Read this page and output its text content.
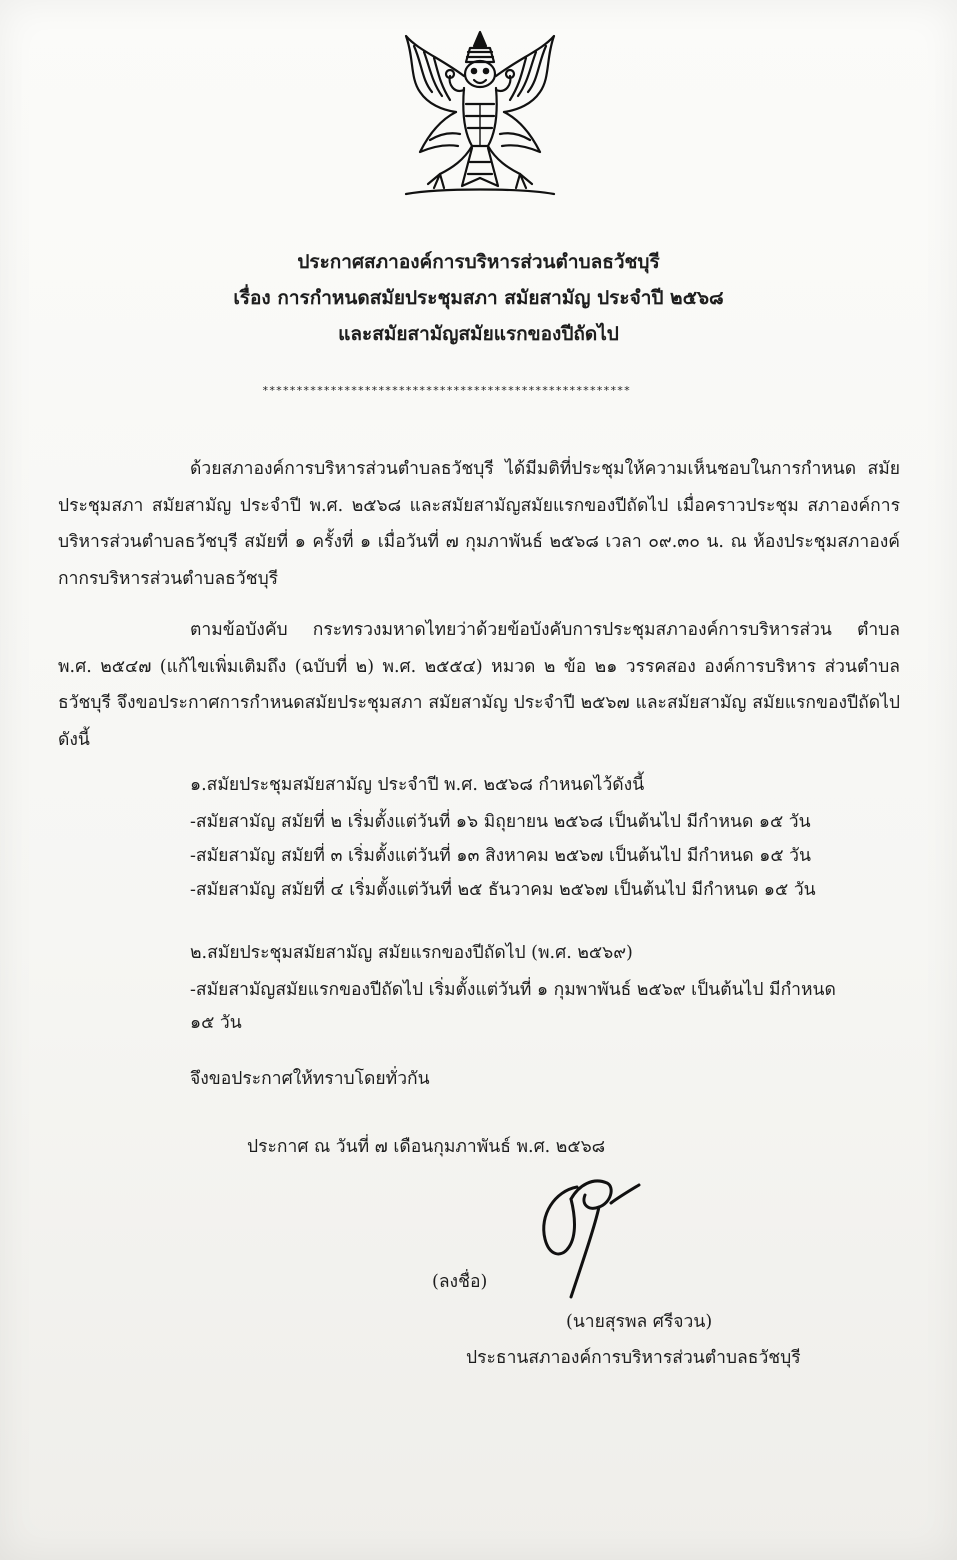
ประกาศสภาองค์การบริหารส่วนตำบลธวัชบุรี
เรื่อง การกำหนดสมัยประชุมสภา สมัยสามัญ ประจำปี ๒๕๖๘
และสมัยสามัญสมัยแรกของปีถัดไป
******************************************************
ด้วยสภาองค์การบริหารส่วนตำบลธวัชบุรี ได้มีมติที่ประชุมให้ความเห็นชอบในการกำหนด สมัยประชุมสภา สมัยสามัญ ประจำปี พ.ศ. ๒๕๖๘ และสมัยสามัญสมัยแรกของปีถัดไป เมื่อคราวประชุม สภาองค์การบริหารส่วนตำบลธวัชบุรี สมัยที่ ๑ ครั้งที่ ๑ เมื่อวันที่ ๗ กุมภาพันธ์ ๒๕๖๘ เวลา ๐๙.๓๐ น. ณ ห้องประชุมสภาองค์กากรบริหารส่วนตำบลธวัชบุรี
ตามข้อบังคับ กระทรวงมหาดไทยว่าด้วยข้อบังคับการประชุมสภาองค์การบริหารส่วน ตำบล พ.ศ. ๒๕๔๗ (แก้ไขเพิ่มเติมถึง (ฉบับที่ ๒) พ.ศ. ๒๕๕๔) หมวด ๒ ข้อ ๒๑ วรรคสอง องค์การบริหาร ส่วนตำบลธวัชบุรี จึงขอประกาศการกำหนดสมัยประชุมสภา สมัยสามัญ ประจำปี ๒๕๖๗ และสมัยสามัญ สมัยแรกของปีถัดไป ดังนี้
๑.สมัยประชุมสมัยสามัญ ประจำปี พ.ศ. ๒๕๖๘ กำหนดไว้ดังนี้
-สมัยสามัญ สมัยที่ ๒ เริ่มตั้งแต่วันที่ ๑๖ มิถุยายน ๒๕๖๘ เป็นต้นไป มีกำหนด ๑๕ วัน
-สมัยสามัญ สมัยที่ ๓ เริ่มตั้งแต่วันที่ ๑๓ สิงหาคม ๒๕๖๗ เป็นต้นไป มีกำหนด ๑๕ วัน
-สมัยสามัญ สมัยที่ ๔ เริ่มตั้งแต่วันที่ ๒๕ ธันวาคม ๒๕๖๗ เป็นต้นไป มีกำหนด ๑๕ วัน
๒.สมัยประชุมสมัยสามัญ สมัยแรกของปีถัดไป (พ.ศ. ๒๕๖๙)
-สมัยสามัญสมัยแรกของปีถัดไป เริ่มตั้งแต่วันที่ ๑ กุมพาพันธ์ ๒๕๖๙ เป็นต้นไป มีกำหนด
๑๕ วัน
จึงขอประกาศให้ทราบโดยทั่วกัน
ประกาศ ณ วันที่ ๗ เดือนกุมภาพันธ์ พ.ศ. ๒๕๖๘
(ลงชื่อ)
(นายสุรพล ศรีจวน)
ประธานสภาองค์การบริหารส่วนตำบลธวัชบุรี
